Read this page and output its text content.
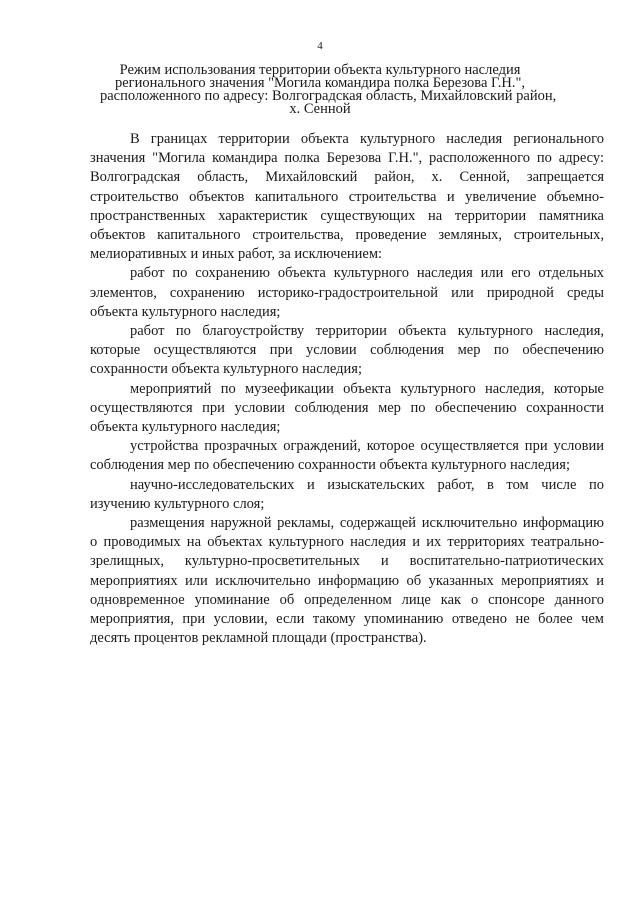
4
Режим использования территории объекта культурного наследия
регионального значения "Могила командира полка Березова Г.Н.",
расположенного по адресу: Волгоградская область, Михайловский район,
х. Сенной

В границах территории объекта культурного наследия регионального значения "Могила командира полка Березова Г.Н.", расположенного по адресу: Волгоградская область, Михайловский район, х. Сенной, запрещается строительство объектов капитального строительства и увеличение объемно-пространственных характеристик существующих на территории памятника объектов капитального строительства, проведение земляных, строительных, мелиоративных и иных работ, за исключением:

работ по сохранению объекта культурного наследия или его отдельных элементов, сохранению историко-градостроительной или природной среды объекта культурного наследия;

работ по благоустройству территории объекта культурного наследия, которые осуществляются при условии соблюдения мер по обеспечению сохранности объекта культурного наследия;

мероприятий по музеефикации объекта культурного наследия, которые осуществляются при условии соблюдения мер по обеспечению сохранности объекта культурного наследия;

устройства прозрачных ограждений, которое осуществляется при условии соблюдения мер по обеспечению сохранности объекта культурного наследия;

научно-исследовательских и изыскательских работ, в том числе по изучению культурного слоя;

размещения наружной рекламы, содержащей исключительно информацию о проводимых на объектах культурного наследия и их территориях театрально-зрелищных, культурно-просветительных и воспитательно-патриотических мероприятиях или исключительно информацию об указанных мероприятиях и одновременное упоминание об определенном лице как о спонсоре данного мероприятия, при условии, если такому упоминанию отведено не более чем десять процентов рекламной площади (пространства).
